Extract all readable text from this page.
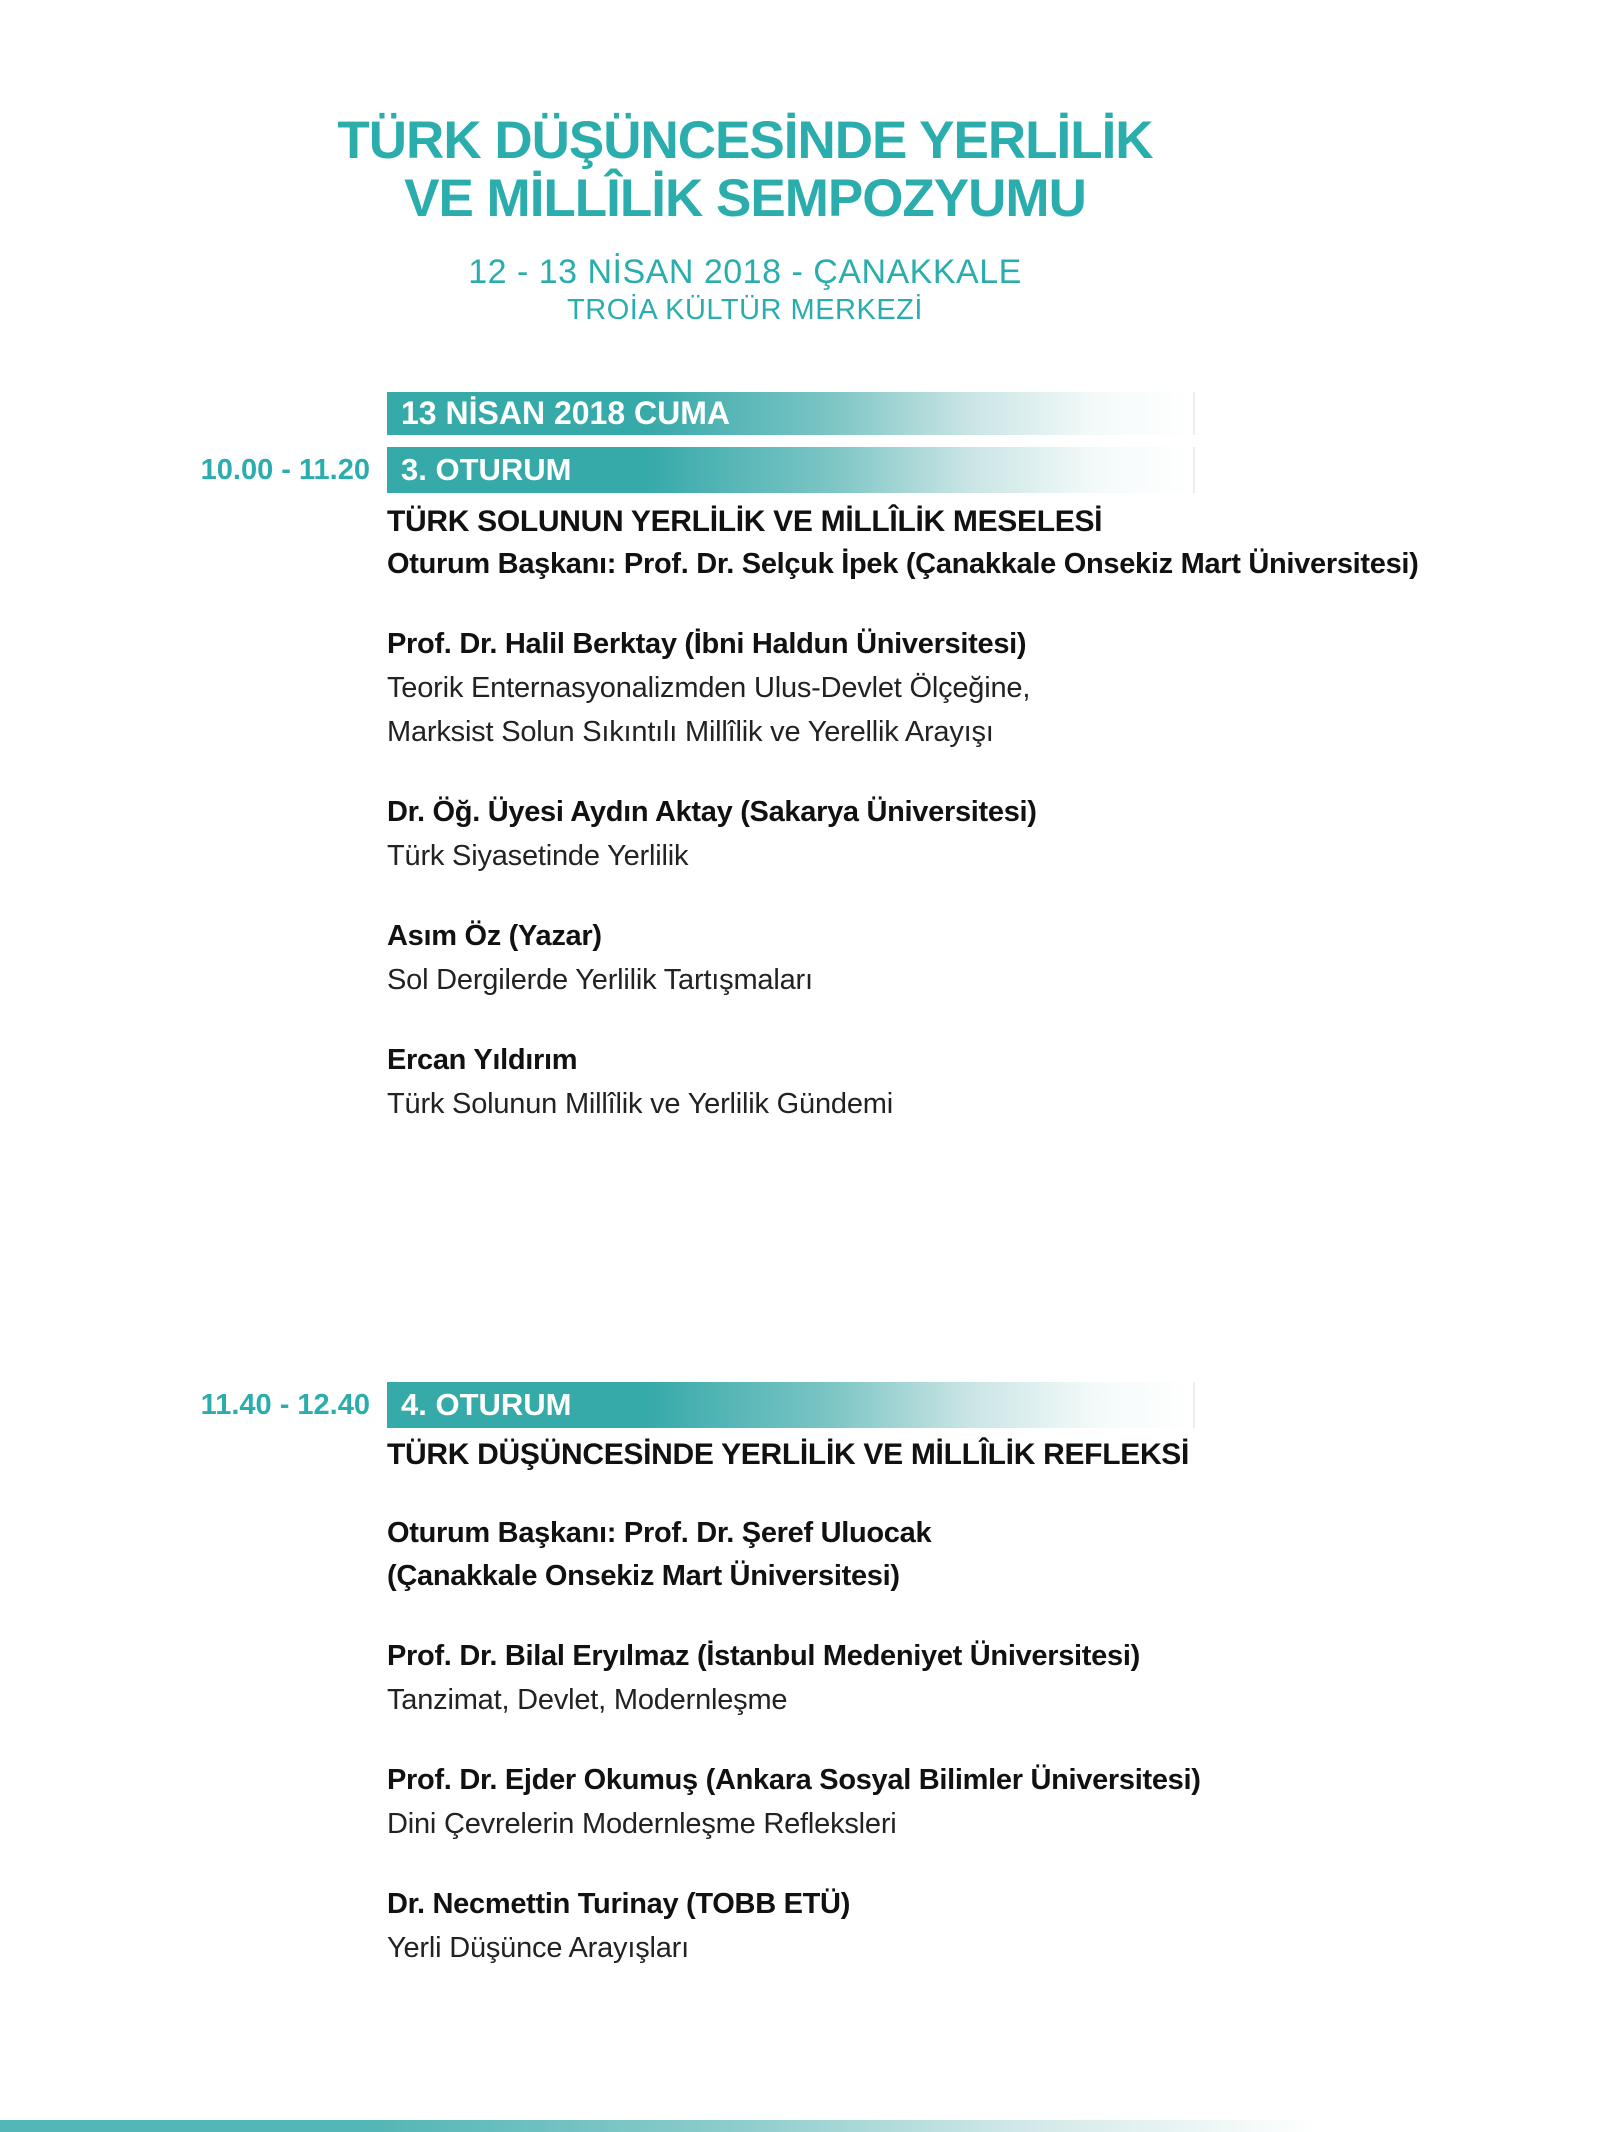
TÜRK DÜŞÜNCESİNDE YERLİLİK
VE MİLLÎLİK SEMPOZYUMU
12 - 13 NİSAN 2018 - ÇANAKKALE
TROİA KÜLTÜR MERKEZİ
13 NİSAN 2018 CUMA
10.00 - 11.20	3. OTURUM
TÜRK SOLUNUN YERLİLİK VE MİLLÎLİK MESELESİ
Oturum Başkanı: Prof. Dr. Selçuk İpek (Çanakkale Onsekiz Mart Üniversitesi)
Prof. Dr. Halil Berktay (İbni Haldun Üniversitesi)
Teorik Enternasyonalizmden Ulus-Devlet Ölçeğine,
Marksist Solun Sıkıntılı Millîlik ve Yerellik Arayışı
Dr. Öğ. Üyesi Aydın Aktay (Sakarya Üniversitesi)
Türk Siyasetinde Yerlilik
Asım Öz (Yazar)
Sol Dergilerde Yerlilik Tartışmaları
Ercan Yıldırım
Türk Solunun Millîlik ve Yerlilik Gündemi
11.40 - 12.40	4. OTURUM
TÜRK DÜŞÜNCESİNDE YERLİLİK VE MİLLÎLİK REFLEKSİ
Oturum Başkanı: Prof. Dr. Şeref Uluocak
(Çanakkale Onsekiz Mart Üniversitesi)
Prof. Dr. Bilal Eryılmaz (İstanbul Medeniyet Üniversitesi)
Tanzimat, Devlet, Modernleşme
Prof. Dr. Ejder Okumuş (Ankara Sosyal Bilimler Üniversitesi)
Dini Çevrelerin Modernleşme Refleksleri
Dr. Necmettin Turinay (TOBB ETÜ)
Yerli Düşünce Arayışları
